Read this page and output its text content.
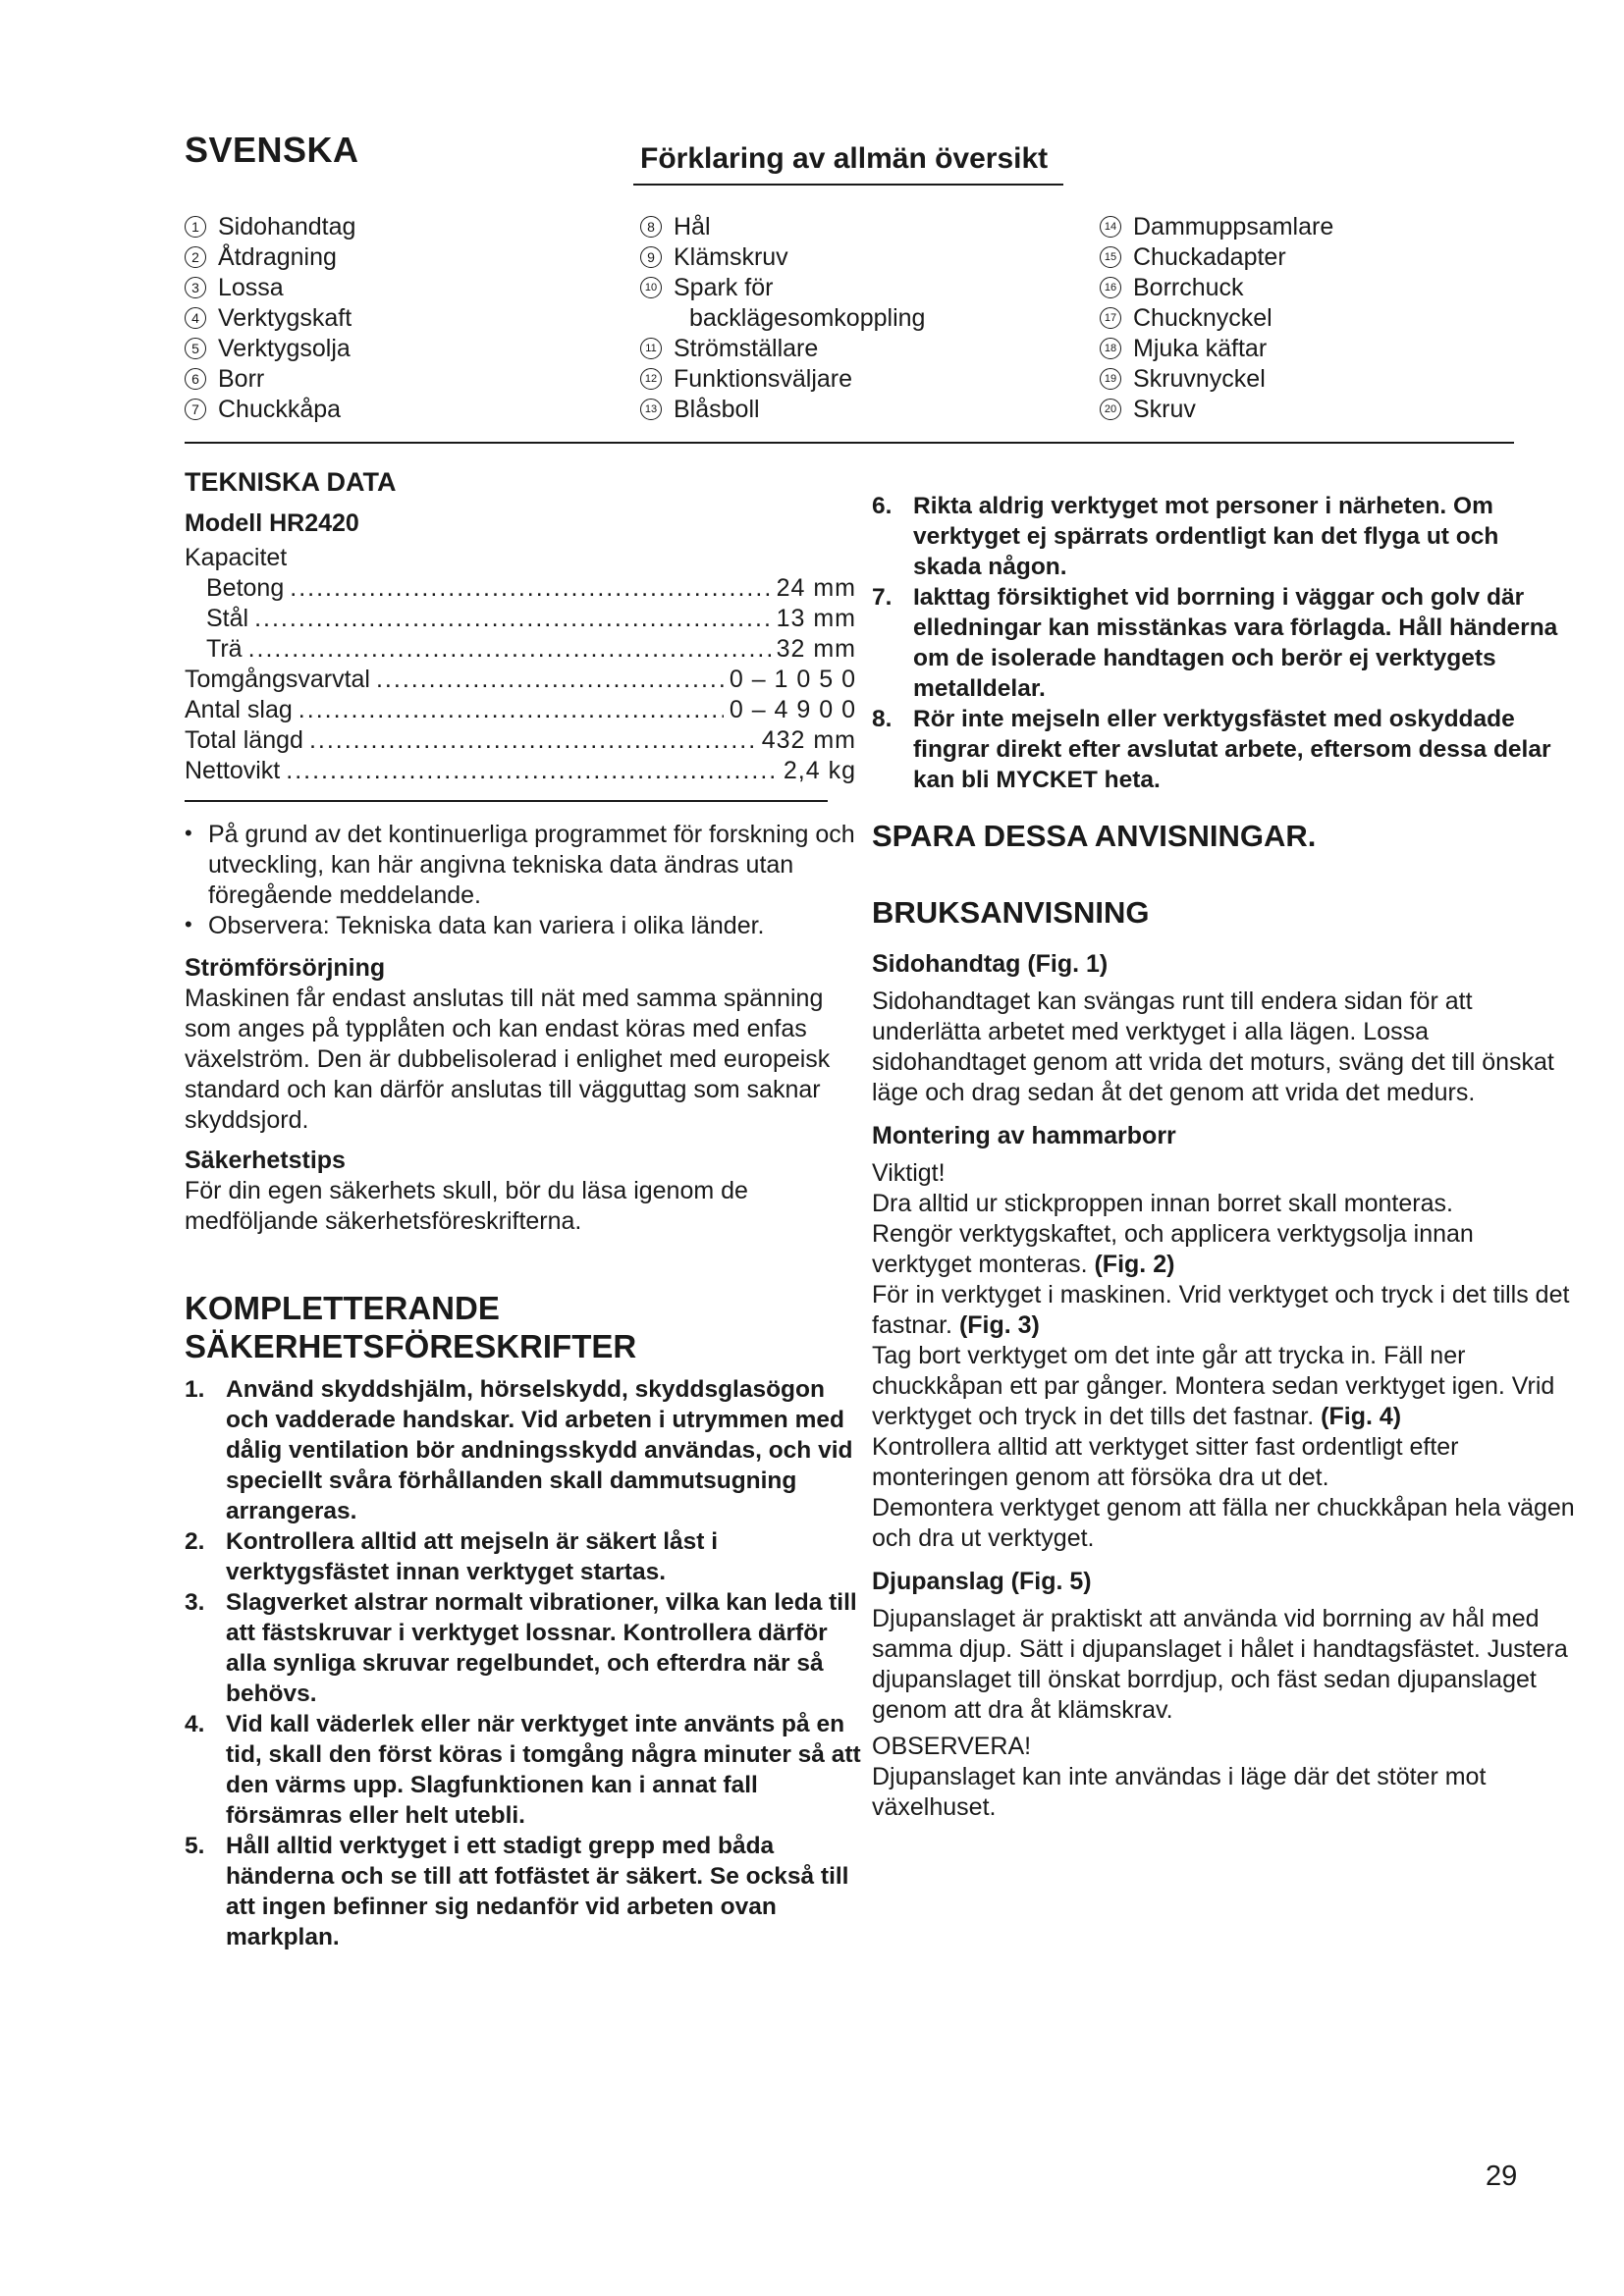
SVENSKA	Förklaring av allmän översikt
1 Sidohandtag
2 Åtdragning
3 Lossa
4 Verktygskaft
5 Verktygsolja
6 Borr
7 Chuckkåpa
8 Hål
9 Klämskruv
10 Spark för
backlägesomkoppling
11 Strömställare
12 Funktionsväljare
13 Blåsboll
14 Dammuppsamlare
15 Chuckadapter
16 Borrchuck
17 Chucknyckel
18 Mjuka käftar
19 Skruvnyckel
20 Skruv
TEKNISKA DATA
Modell HR2420
Kapacitet
Betong .....	24 mm
Stål .....	13 mm
Trä .....	32 mm
Tomgångsvarvtal .....	0 – 1 0 5 0
Antal slag .....	0 – 4 9 0 0
Total längd .....	432 mm
Nettovikt .....	2,4 kg
• På grund av det kontinuerliga programmet för forskning och utveckling, kan här angivna tekniska data ändras utan föregående meddelande.
• Observera: Tekniska data kan variera i olika länder.
Strömförsörjning
Maskinen får endast anslutas till nät med samma spänning som anges på typplåten och kan endast köras med enfas växelström. Den är dubbelisolerad i enlighet med europeisk standard och kan därför anslutas till vägguttag som saknar skyddsjord.
Säkerhetstips
För din egen säkerhets skull, bör du läsa igenom de medföljande säkerhetsföreskrifterna.
KOMPLETTERANDE
SÄKERHETSFÖRESKRIFTER
1. Använd skyddshjälm, hörselskydd, skyddsglasögon och vadderade handskar. Vid arbeten i utrymmen med dålig ventilation bör andningsskydd användas, och vid speciellt svåra förhållanden skall dammutsugning arrangeras.
2. Kontrollera alltid att mejseln är säkert låst i verktygsfästet innan verktyget startas.
3. Slagverket alstrar normalt vibrationer, vilka kan leda till att fästskruvar i verktyget lossnar. Kontrollera därför alla synliga skruvar regelbundet, och efterdra när så behövs.
4. Vid kall väderlek eller när verktyget inte använts på en tid, skall den först köras i tomgång några minuter så att den värms upp. Slagfunktionen kan i annat fall försämras eller helt utebli.
5. Håll alltid verktyget i ett stadigt grepp med båda händerna och se till att fotfästet är säkert. Se också till att ingen befinner sig nedanför vid arbeten ovan markplan.
6. Rikta aldrig verktyget mot personer i närheten. Om verktyget ej spärrats ordentligt kan det flyga ut och skada någon.
7. Iakttag försiktighet vid borrning i väggar och golv där elledningar kan misstänkas vara förlagda. Håll händerna om de isolerade handtagen och berör ej verktygets metalldelar.
8. Rör inte mejseln eller verktygsfästet med oskyddade fingrar direkt efter avslutat arbete, eftersom dessa delar kan bli MYCKET heta.
SPARA DESSA ANVISNINGAR.
BRUKSANVISNING
Sidohandtag (Fig. 1)
Sidohandtaget kan svängas runt till endera sidan för att underlätta arbetet med verktyget i alla lägen. Lossa sidohandtaget genom att vrida det moturs, sväng det till önskat läge och drag sedan åt det genom att vrida det medurs.
Montering av hammarborr
Viktigt!
Dra alltid ur stickproppen innan borret skall monteras.
Rengör verktygskaftet, och applicera verktygsolja innan verktyget monteras. (Fig. 2)
För in verktyget i maskinen. Vrid verktyget och tryck i det tills det fastnar. (Fig. 3)
Tag bort verktyget om det inte går att trycka in. Fäll ner chuckkåpan ett par gånger. Montera sedan verktyget igen. Vrid verktyget och tryck in det tills det fastnar. (Fig. 4)
Kontrollera alltid att verktyget sitter fast ordentligt efter monteringen genom att försöka dra ut det.
Demontera verktyget genom att fälla ner chuckkåpan hela vägen och dra ut verktyget.
Djupanslag (Fig. 5)
Djupanslaget är praktiskt att använda vid borrning av hål med samma djup. Sätt i djupanslaget i hålet i handtagsfästet. Justera djupanslaget till önskat borrdjup, och fäst sedan djupanslaget genom att dra åt klämskrav.
OBSERVERA!
Djupanslaget kan inte användas i läge där det stöter mot växelhuset.
29
